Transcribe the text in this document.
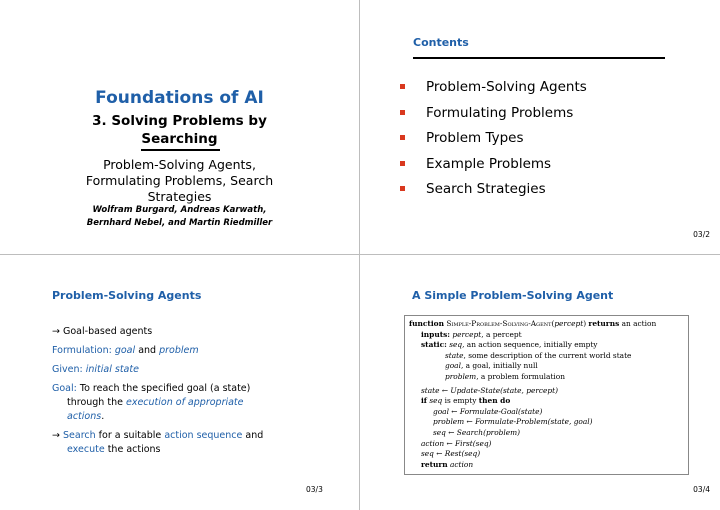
Foundations of AI
3. Solving Problems by
Searching
Problem-Solving Agents,
Formulating Problems, Search
Strategies
Wolfram Burgard, Andreas Karwath,
Bernhard Nebel, and Martin Riedmiller
Contents
Problem-Solving Agents
Formulating Problems
Problem Types
Example Problems
Search Strategies
03/2
Problem-Solving Agents
→ Goal-based agents
Formulation: goal and problem
Given: initial state
Goal: To reach the specified goal (a state)
through the execution of appropriate
actions.
→ Search for a suitable action sequence and
execute the actions
03/3
A Simple Problem-Solving Agent
function Simple-Problem-Solving-Agent(percept) returns an action
inputs: percept, a percept
static: seq, an action sequence, initially empty
state, some description of the current world state
goal, a goal, initially null
problem, a problem formulation
state ← Update-State(state, percept)
if seq is empty then do
goal ← Formulate-Goal(state)
problem ← Formulate-Problem(state, goal)
seq ← Search(problem)
action ← First(seq)
seq ← Rest(seq)
return action
03/4
